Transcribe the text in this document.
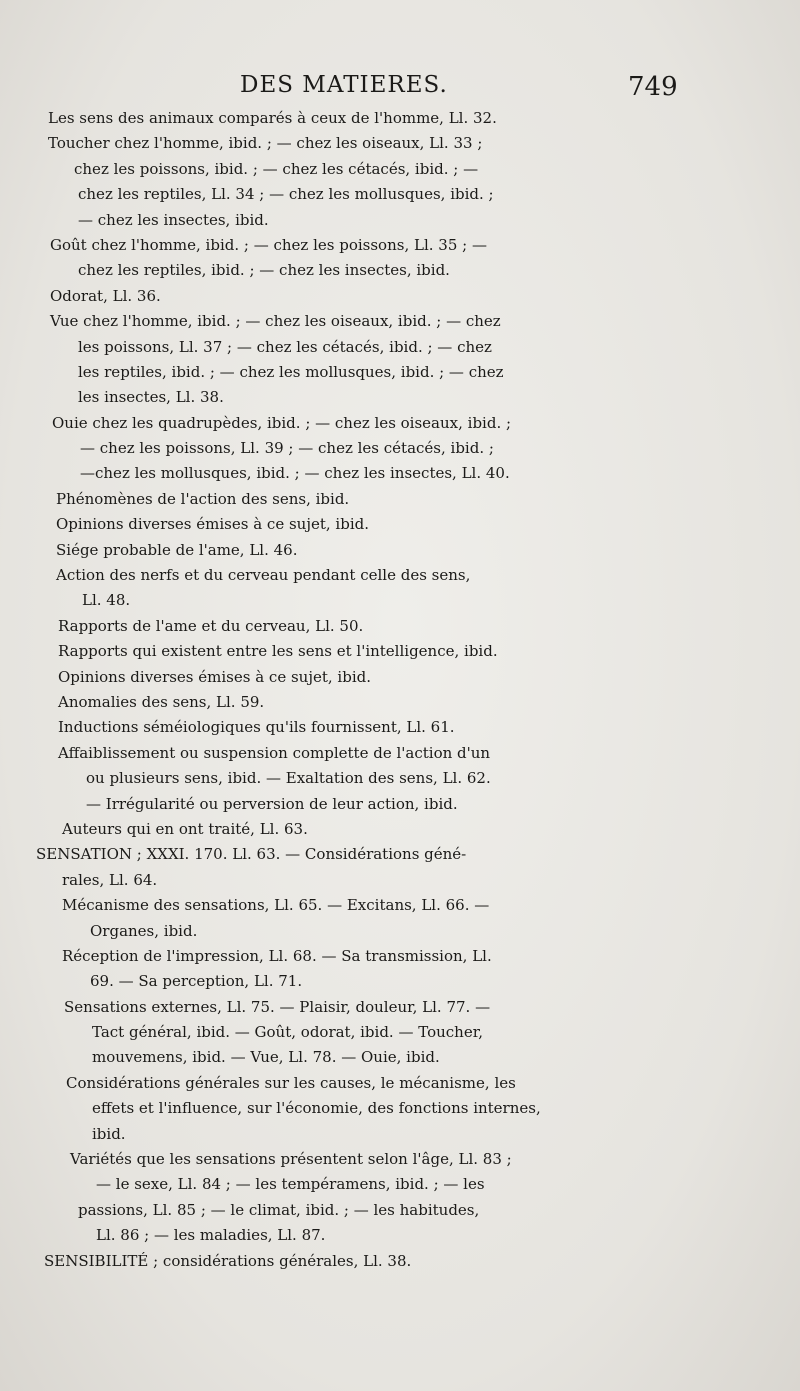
DES MATIERES.	749
Les sens des animaux comparés à ceux de l'homme, Ll. 32.
Toucher chez l'homme, ibid. ; — chez les oiseaux, Ll. 33 ;
chez les poissons, ibid. ; — chez les cétacés, ibid. ; —
chez les reptiles, Ll. 34 ; — chez les mollusques, ibid. ;
— chez les insectes, ibid.
Goût chez l'homme, ibid. ; — chez les poissons, Ll. 35 ; —
chez les reptiles, ibid. ; — chez les insectes, ibid.
Odorat, Ll. 36.
Vue chez l'homme, ibid. ; — chez les oiseaux, ibid. ; — chez
les poissons, Ll. 37 ; — chez les cétacés, ibid. ; — chez
les reptiles, ibid. ; — chez les mollusques, ibid. ; — chez
les insectes, Ll. 38.
Ouie chez les quadrupèdes, ibid. ; — chez les oiseaux, ibid. ;
— chez les poissons, Ll. 39 ; — chez les cétacés, ibid. ;
—chez les mollusques, ibid. ; — chez les insectes, Ll. 40.
Phénomènes de l'action des sens, ibid.
Opinions diverses émises à ce sujet, ibid.
Siége probable de l'ame, Ll. 46.
Action des nerfs et du cerveau pendant celle des sens,
Ll. 48.
Rapports de l'ame et du cerveau, Ll. 50.
Rapports qui existent entre les sens et l'intelligence, ibid.
Opinions diverses émises à ce sujet, ibid.
Anomalies des sens, Ll. 59.
Inductions séméiologiques qu'ils fournissent, Ll. 61.
Affaiblissement ou suspension complette de l'action d'un
ou plusieurs sens, ibid. — Exaltation des sens, Ll. 62.
— Irrégularité ou perversion de leur action, ibid.
Auteurs qui en ont traité, Ll. 63.
SENSATION ; XXXI. 170. Ll. 63. — Considérations géné-
rales, Ll. 64.
Mécanisme des sensations, Ll. 65. — Excitans, Ll. 66. —
Organes, ibid.
Réception de l'impression, Ll. 68. — Sa transmission, Ll.
69. — Sa perception, Ll. 71.
Sensations externes, Ll. 75. — Plaisir, douleur, Ll. 77. —
Tact général, ibid. — Goût, odorat, ibid. — Toucher,
mouvemens, ibid. — Vue, Ll. 78. — Ouie, ibid.
Considérations générales sur les causes, le mécanisme, les
effets et l'influence, sur l'économie, des fonctions internes,
ibid.
Variétés que les sensations présentent selon l'âge, Ll. 83 ;
— le sexe, Ll. 84 ; — les tempéramens, ibid. ; — les
passions, Ll. 85 ; — le climat, ibid. ; — les habitudes,
Ll. 86 ; — les maladies, Ll. 87.
SENSIBILITÉ ; considérations générales, Ll. 38.
